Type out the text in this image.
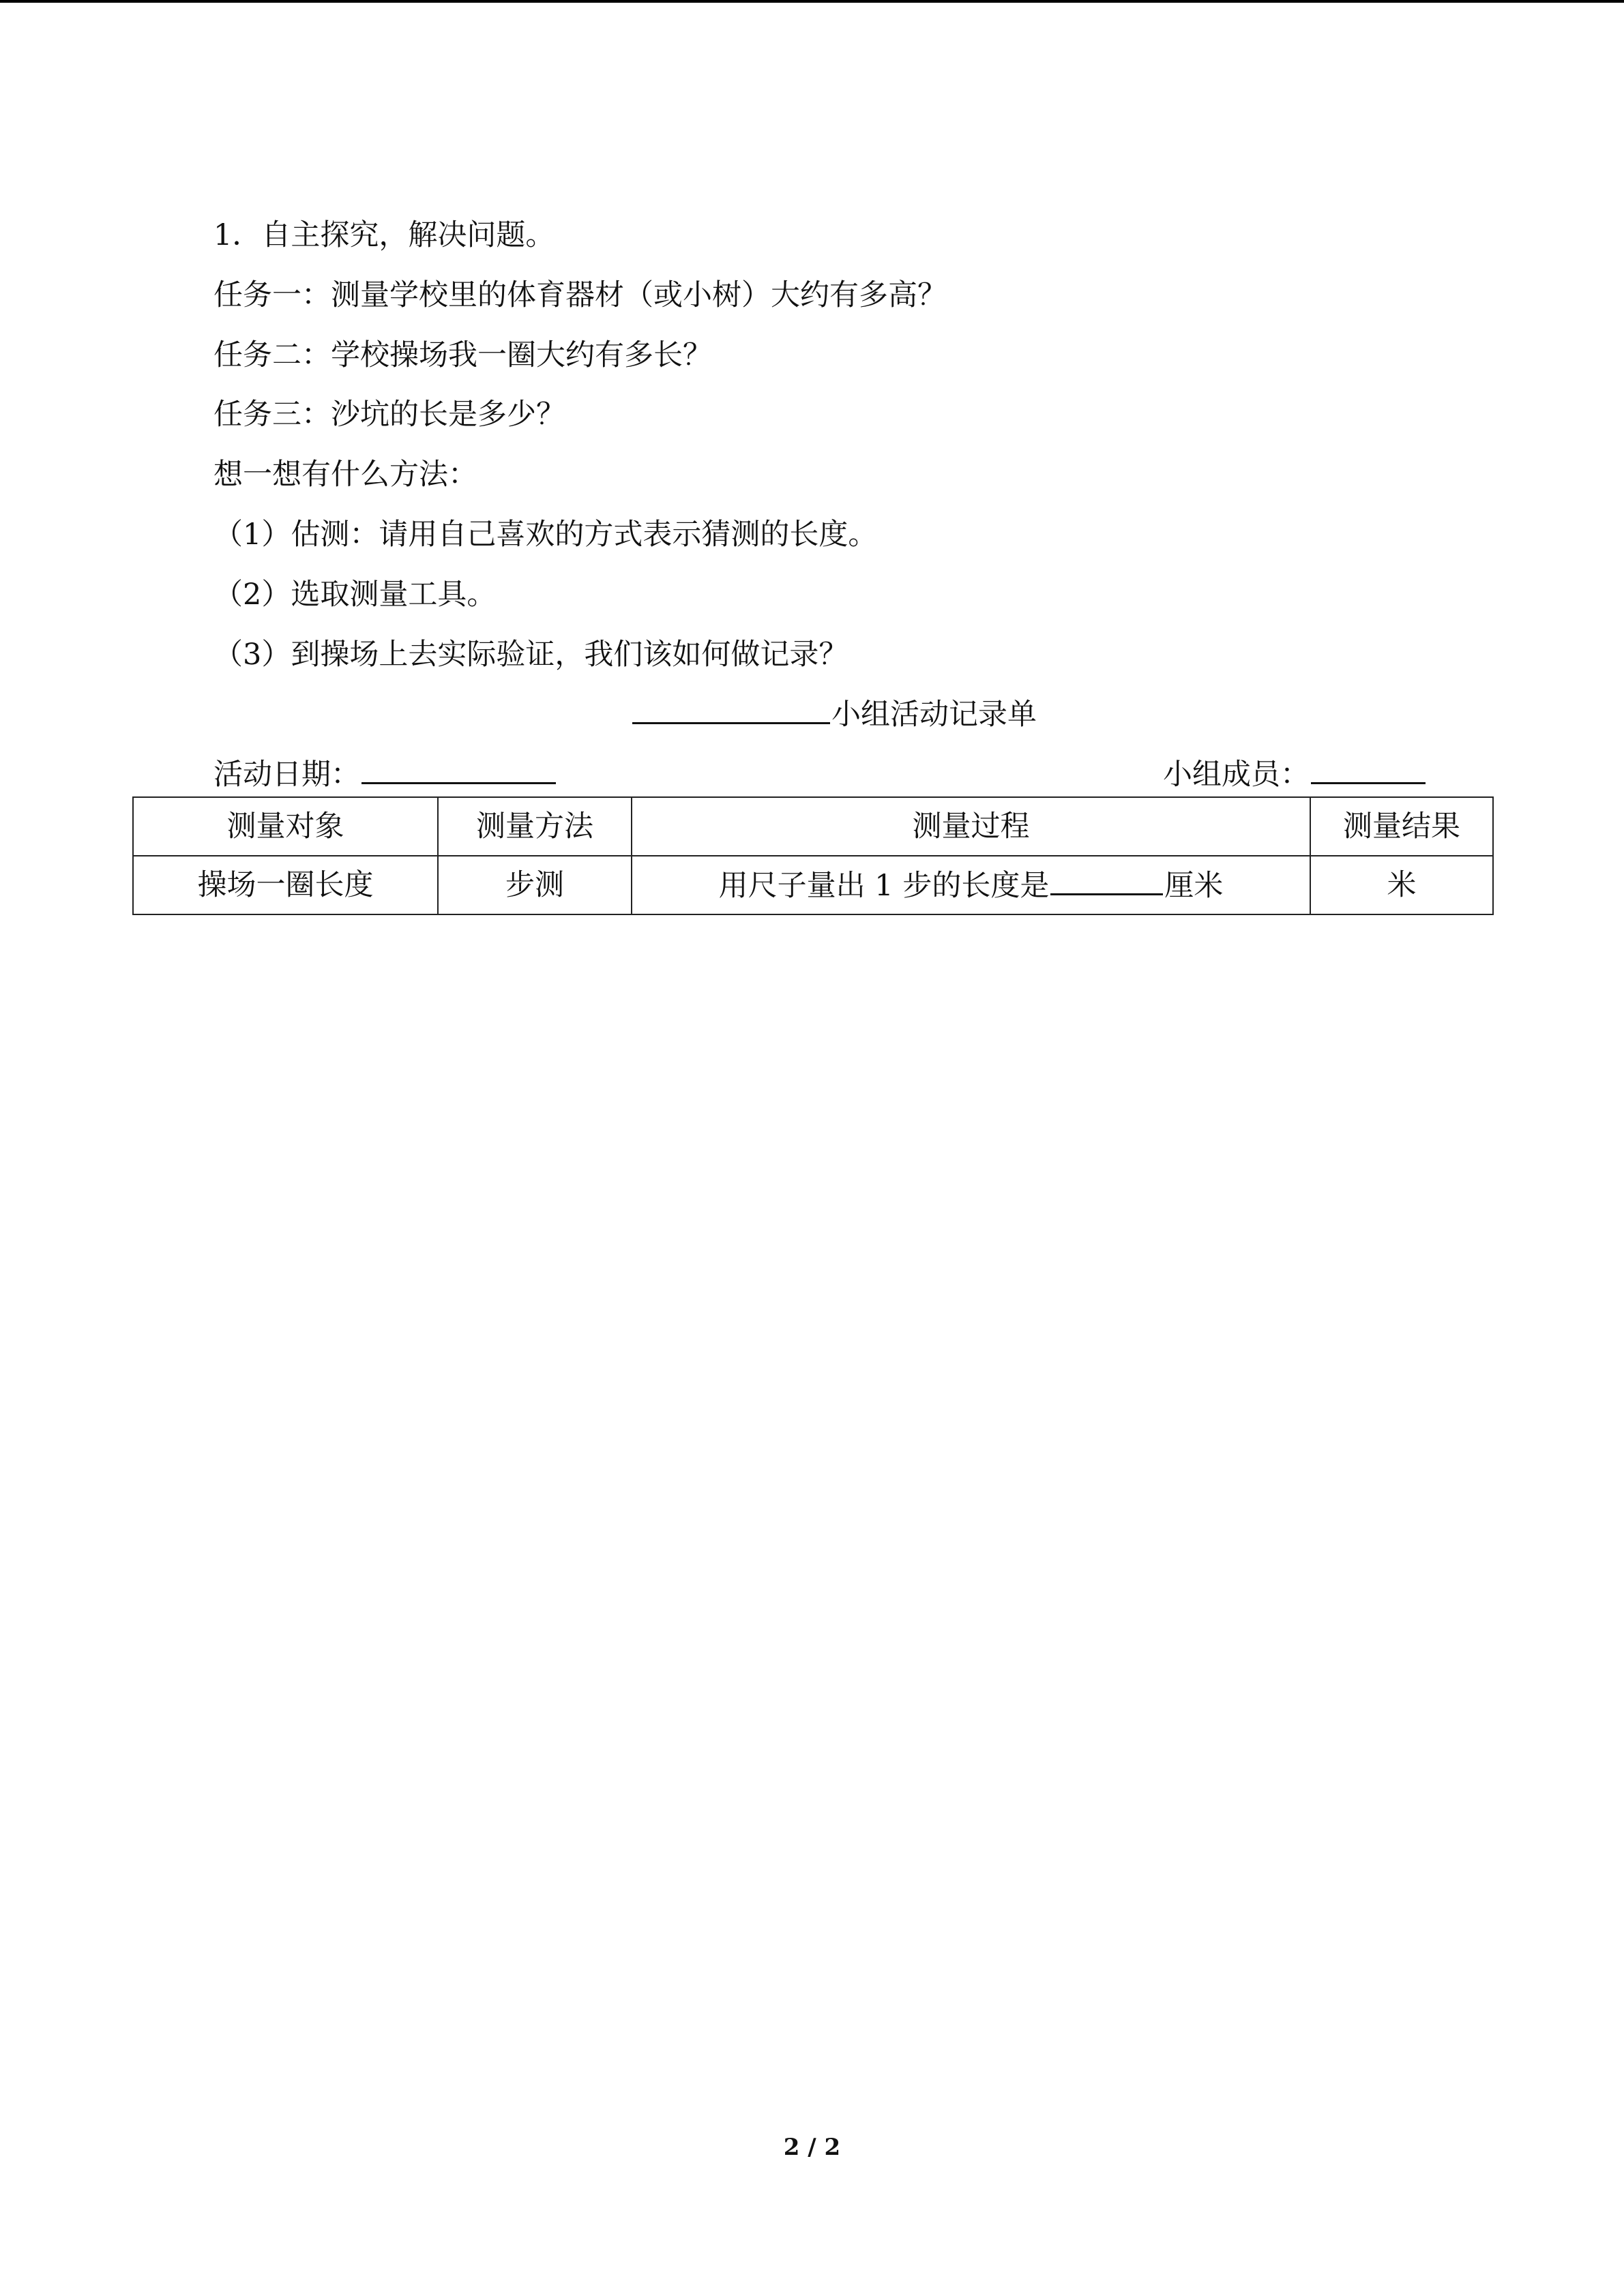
1．自主探究，解决问题。

任务一：测量学校里的体育器材（或小树）大约有多高？

任务二：学校操场我一圈大约有多长？

任务三：沙坑的长是多少？

想一想有什么方法：

（1）估测：请用自己喜欢的方式表示猜测的长度。

（2）选取测量工具。

（3）到操场上去实际验证，我们该如何做记录？

小组活动记录单
活动日期：	小组成员：
测量对象	测量方法	测量过程	测量结果
操场一圈长度	步测	用尺子量出 1 步的长度是 厘米	米
2 / 2
